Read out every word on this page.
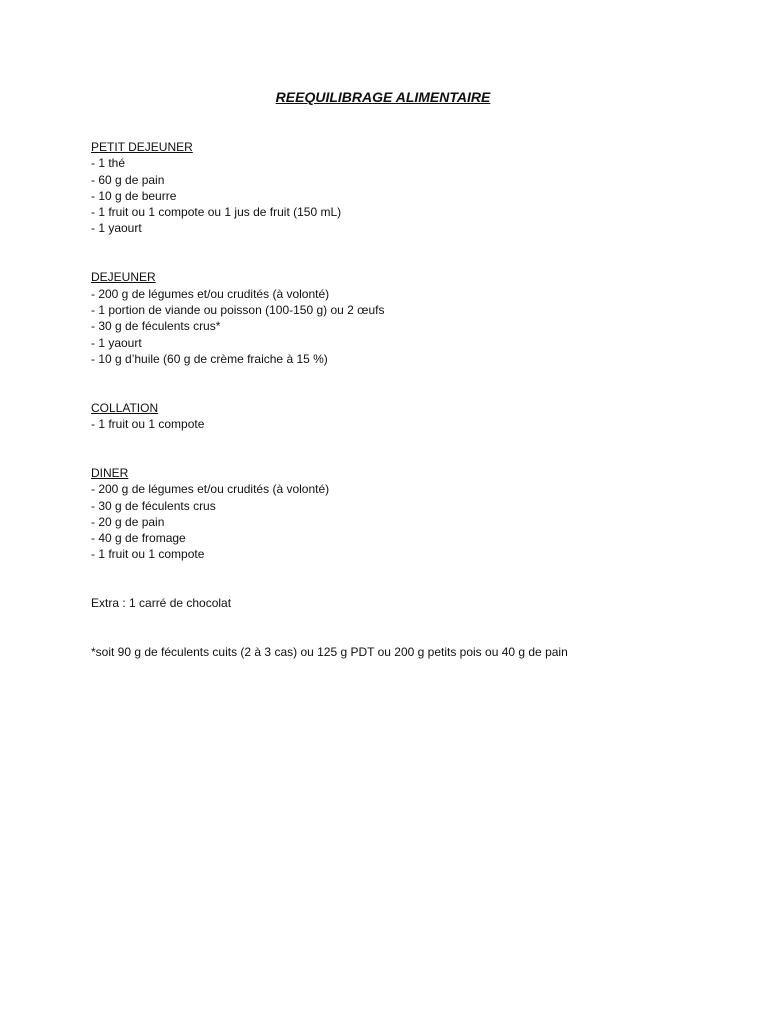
REEQUILIBRAGE ALIMENTAIRE

PETIT DEJEUNER

- 1 thé

- 60 g de pain

- 10 g de beurre

- 1 fruit ou 1 compote ou 1 jus de fruit (150 mL)

- 1 yaourt

DEJEUNER

- 200 g de légumes et/ou crudités (à volonté)

- 1 portion de viande ou poisson (100-150 g) ou 2 œufs

- 30 g de féculents crus*

- 1 yaourt

- 10 g d’huile (60 g de crème fraiche à 15 %)

COLLATION

- 1 fruit ou 1 compote

DINER

- 200 g de légumes et/ou crudités (à volonté)

- 30 g de féculents crus

- 20 g de pain

- 40 g de fromage

- 1 fruit ou 1 compote

Extra : 1 carré de chocolat

*soit 90 g de féculents cuits (2 à 3 cas) ou 125 g PDT ou 200 g petits pois ou 40 g de pain
